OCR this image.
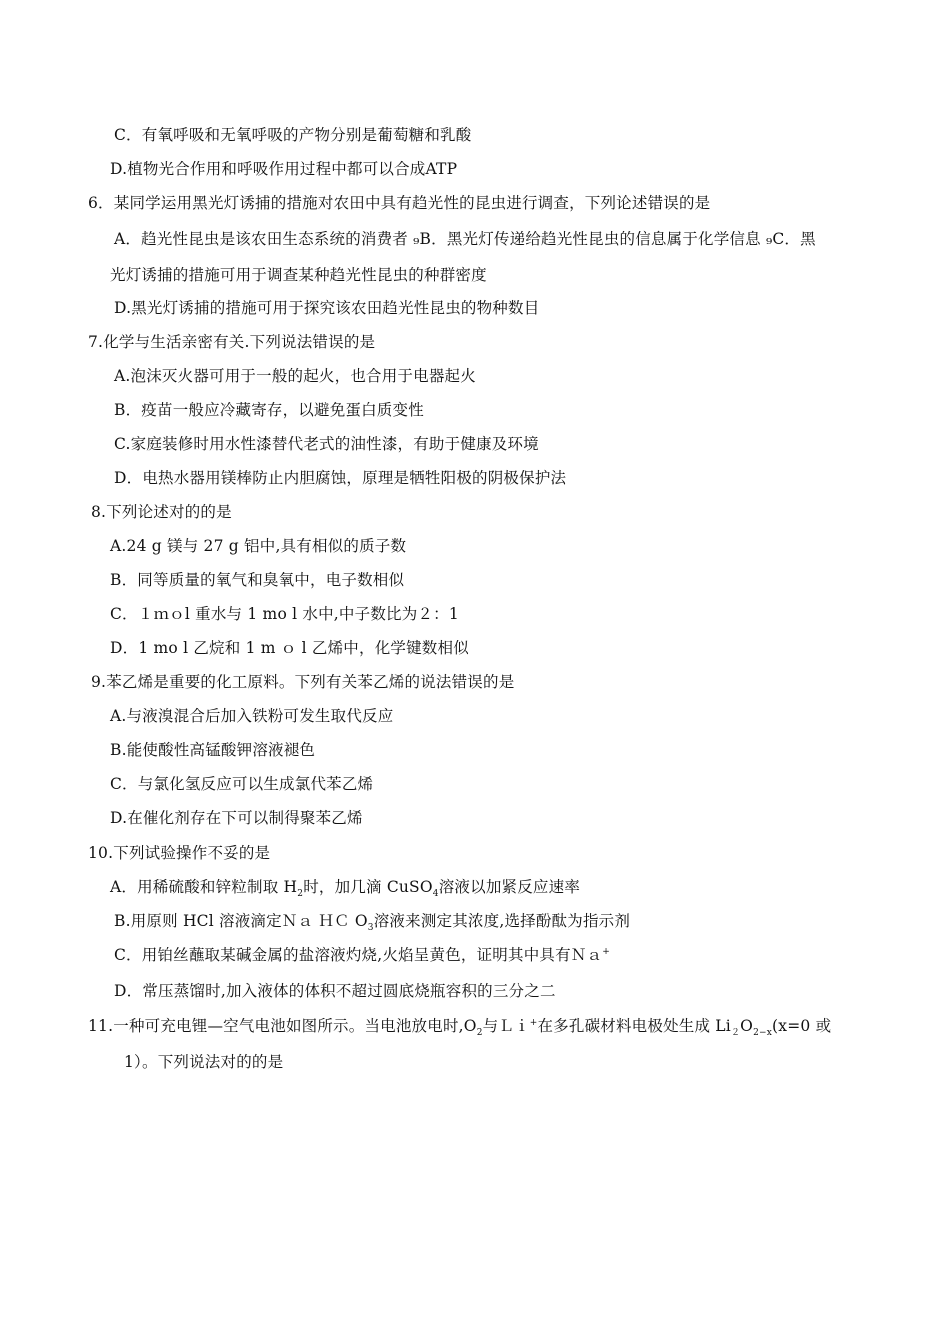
C．有氧呼吸和无氧呼吸的产物分别是葡萄糖和乳酸
D.植物光合作用和呼吸作用过程中都可以合成ATP
6．某同学运用黑光灯诱捕的措施对农田中具有趋光性的昆虫进行调查，下列论述错误的是
A．趋光性昆虫是该农田生态系统的消费者 ₉B．黑光灯传递给趋光性昆虫的信息属于化学信息 ₉C．黑
光灯诱捕的措施可用于调查某种趋光性昆虫的种群密度
D.黑光灯诱捕的措施可用于探究该农田趋光性昆虫的物种数目
7.化学与生活亲密有关.下列说法错误的是
A.泡沫灭火器可用于一般的起火，也合用于电器起火
B．疫苗一般应冷藏寄存，以避免蛋白质变性
C.家庭装修时用水性漆替代老式的油性漆，有助于健康及环境
D．电热水器用镁棒防止内胆腐蚀，原理是牺牲阳极的阴极保护法
8.下列论述对的的是
A.24 g 镁与 27 g 铝中,具有相似的质子数
B．同等质量的氧气和臭氧中，电子数相似
C．１ｍｏl 重水与 1 mo l 水中,中子数比为２：1
D．1 mo l 乙烷和 1 m ｏ l 乙烯中，化学键数相似
9.苯乙烯是重要的化工原料。下列有关苯乙烯的说法错误的是
A.与液溴混合后加入铁粉可发生取代反应
B.能使酸性高锰酸钾溶液褪色
C．与氯化氢反应可以生成氯代苯乙烯
D.在催化剂存在下可以制得聚苯乙烯
10.下列试验操作不妥的是
A．用稀硫酸和锌粒制取 $H_2$时，加几滴 CuSO$_4$溶液以加紧反应速率
B.用原则 HCl 溶液滴定Ｎａ ＨＣ $O_3$溶液来测定其浓度,选择酚酞为指示剂
C．用铂丝蘸取某碱金属的盐溶液灼烧,火焰呈黄色，证明其中具有Ｎａ+
D．常压蒸馏时,加入液体的体积不超过圆底烧瓶容积的三分之二
11.一种可充电锂—空气电池如图所示。当电池放电时$,O_2$与Ｌｉ+在多孔碳材料电极处生成 $Li_2O_{2-x}(x=0$ 或
1）。下列说法对的的是
